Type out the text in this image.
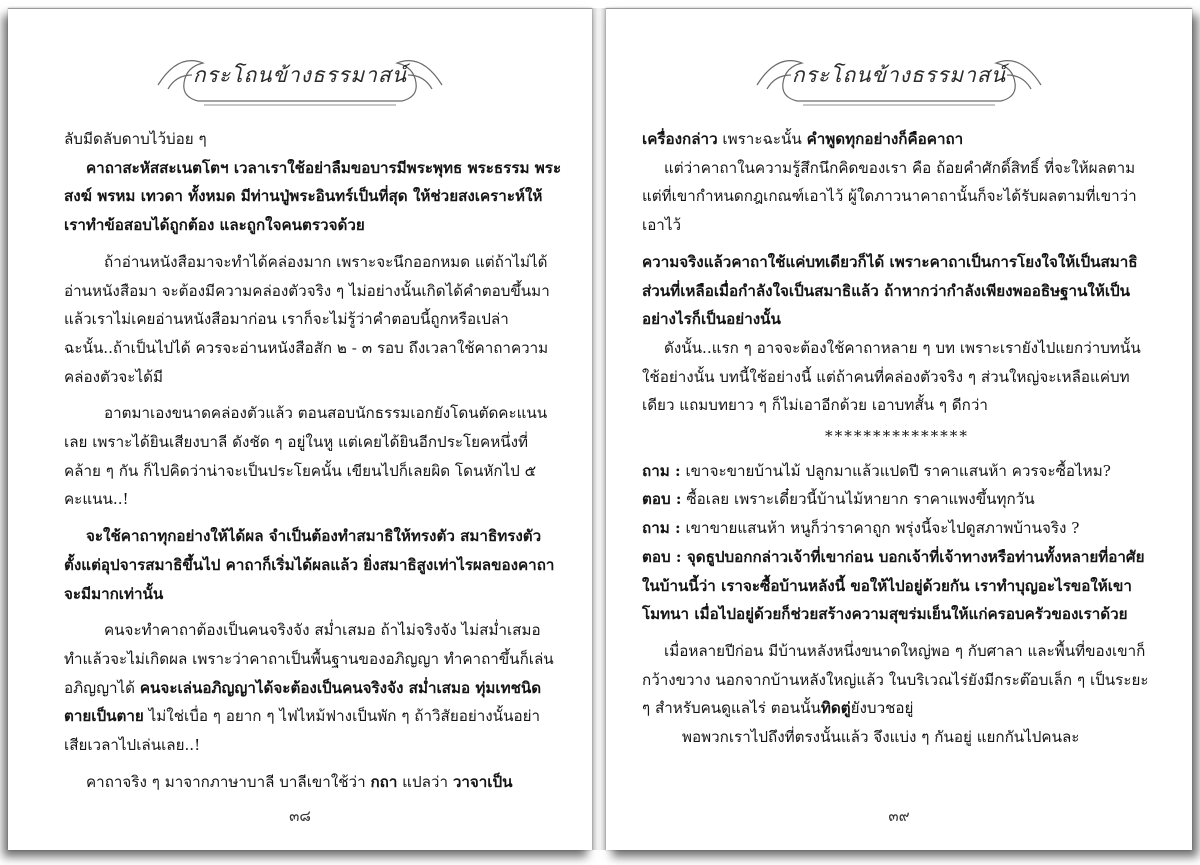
กระโถนข้างธรรมาสน์

ลับมีดลับดาบไว้บ่อย ๆ

คาถาสะหัสสะเนตโตฯ เวลาเราใช้อย่าลืมขอบารมีพระพุทธ พระธรรม พระสงฆ์ พรหม เทวดา ทั้งหมด มีท่านปู่พระอินทร์เป็นที่สุด ให้ช่วยสงเคราะห์ให้เราทำข้อสอบได้ถูกต้อง และถูกใจคนตรวจด้วย

ถ้าอ่านหนังสือมาจะทำได้คล่องมาก เพราะจะนึกออกหมด แต่ถ้าไม่ได้อ่านหนังสือมา จะต้องมีความคล่องตัวจริง ๆ ไม่อย่างนั้นเกิดได้คำตอบขึ้นมา แล้วเราไม่เคยอ่านหนังสือมาก่อน เราก็จะไม่รู้ว่าคำตอบนี้ถูกหรือเปล่า ฉะนั้น..ถ้าเป็นไปได้ ควรจะอ่านหนังสือสัก ๒ - ๓ รอบ ถึงเวลาใช้คาถาความคล่องตัวจะได้มี

อาตมาเองขนาดคล่องตัวแล้ว ตอนสอบนักธรรมเอกยังโดนตัดคะแนนเลย เพราะได้ยินเสียงบาลี ดังชัด ๆ อยู่ในหู แต่เคยได้ยินอีกประโยคหนึ่งที่คล้าย ๆ กัน ก็ไปคิดว่าน่าจะเป็นประโยคนั้น เขียนไปก็เลยผิด โดนหักไป ๕ คะแนน..!

จะใช้คาถาทุกอย่างให้ได้ผล จำเป็นต้องทำสมาธิให้ทรงตัว สมาธิทรงตัวตั้งแต่อุปจารสมาธิขึ้นไป คาถาก็เริ่มได้ผลแล้ว ยิ่งสมาธิสูงเท่าไรผลของคาถาจะมีมากเท่านั้น

คนจะทำคาถาต้องเป็นคนจริงจัง สม่ำเสมอ ถ้าไม่จริงจัง ไม่สม่ำเสมอ ทำแล้วจะไม่เกิดผล เพราะว่าคาถาเป็นพื้นฐานของอภิญญา ทำคาถาขึ้นก็เล่นอภิญญาได้ คนจะเล่นอภิญญาได้จะต้องเป็นคนจริงจัง สม่ำเสมอ ทุ่มเทชนิดตายเป็นตาย ไม่ใช่เบื่อ ๆ อยาก ๆ ไฟไหม้ฟางเป็นพัก ๆ ถ้าวิสัยอย่างนั้นอย่าเสียเวลาไปเล่นเลย..!

คาถาจริง ๆ มาจากภาษาบาลี บาลีเขาใช้ว่า กถา แปลว่า วาจาเป็น

๓๘
กระโถนข้างธรรมาสน์

เครื่องกล่าว เพราะฉะนั้น คำพูดทุกอย่างก็คือคาถา

แต่ว่าคาถาในความรู้สึกนึกคิดของเรา คือ ถ้อยคำศักดิ์สิทธิ์ ที่จะให้ผลตามแต่ที่เขากำหนดกฎเกณฑ์เอาไว้ ผู้ใดภาวนาคาถานั้นก็จะได้รับผลตามที่เขาว่าเอาไว้

ความจริงแล้วคาถาใช้แค่บทเดียวก็ได้ เพราะคาถาเป็นการโยงใจให้เป็นสมาธิ ส่วนที่เหลือเมื่อกำลังใจเป็นสมาธิแล้ว ถ้าหากว่ากำลังเพียงพออธิษฐานให้เป็นอย่างไรก็เป็นอย่างนั้น

ดังนั้น..แรก ๆ อาจจะต้องใช้คาถาหลาย ๆ บท เพราะเรายังไปแยกว่าบทนั้นใช้อย่างนั้น บทนี้ใช้อย่างนี้ แต่ถ้าคนที่คล่องตัวจริง ๆ ส่วนใหญ่จะเหลือแค่บทเดียว แถมบทยาว ๆ ก็ไม่เอาอีกด้วย เอาบทสั้น ๆ ดีกว่า

***************

ถาม : เขาจะขายบ้านไม้ ปลูกมาแล้วแปดปี ราคาแสนห้า ควรจะซื้อไหม?

ตอบ : ซื้อเลย เพราะเดี๋ยวนี้บ้านไม้หายาก ราคาแพงขึ้นทุกวัน

ถาม : เขาขายแสนห้า หนูก็ว่าราคาถูก พรุ่งนี้จะไปดูสภาพบ้านจริง ?

ตอบ : จุดธูปบอกกล่าวเจ้าที่เขาก่อน บอกเจ้าที่เจ้าทางหรือท่านทั้งหลายที่อาศัยในบ้านนี้ว่า เราจะซื้อบ้านหลังนี้ ขอให้ไปอยู่ด้วยกัน เราทำบุญอะไรขอให้เขาโมทนา เมื่อไปอยู่ด้วยก็ช่วยสร้างความสุขร่มเย็นให้แก่ครอบครัวของเราด้วย

เมื่อหลายปีก่อน มีบ้านหลังหนึ่งขนาดใหญ่พอ ๆ กับศาลา และพื้นที่ของเขาก็กว้างขวาง นอกจากบ้านหลังใหญ่แล้ว ในบริเวณไร่ยังมีกระต๊อบเล็ก ๆ เป็นระยะ ๆ สำหรับคนดูแลไร่ ตอนนั้นทิดตู่ยังบวชอยู่

พอพวกเราไปถึงที่ตรงนั้นแล้ว จึงแบ่ง ๆ กันอยู่ แยกกันไปคนละ

๓๙
